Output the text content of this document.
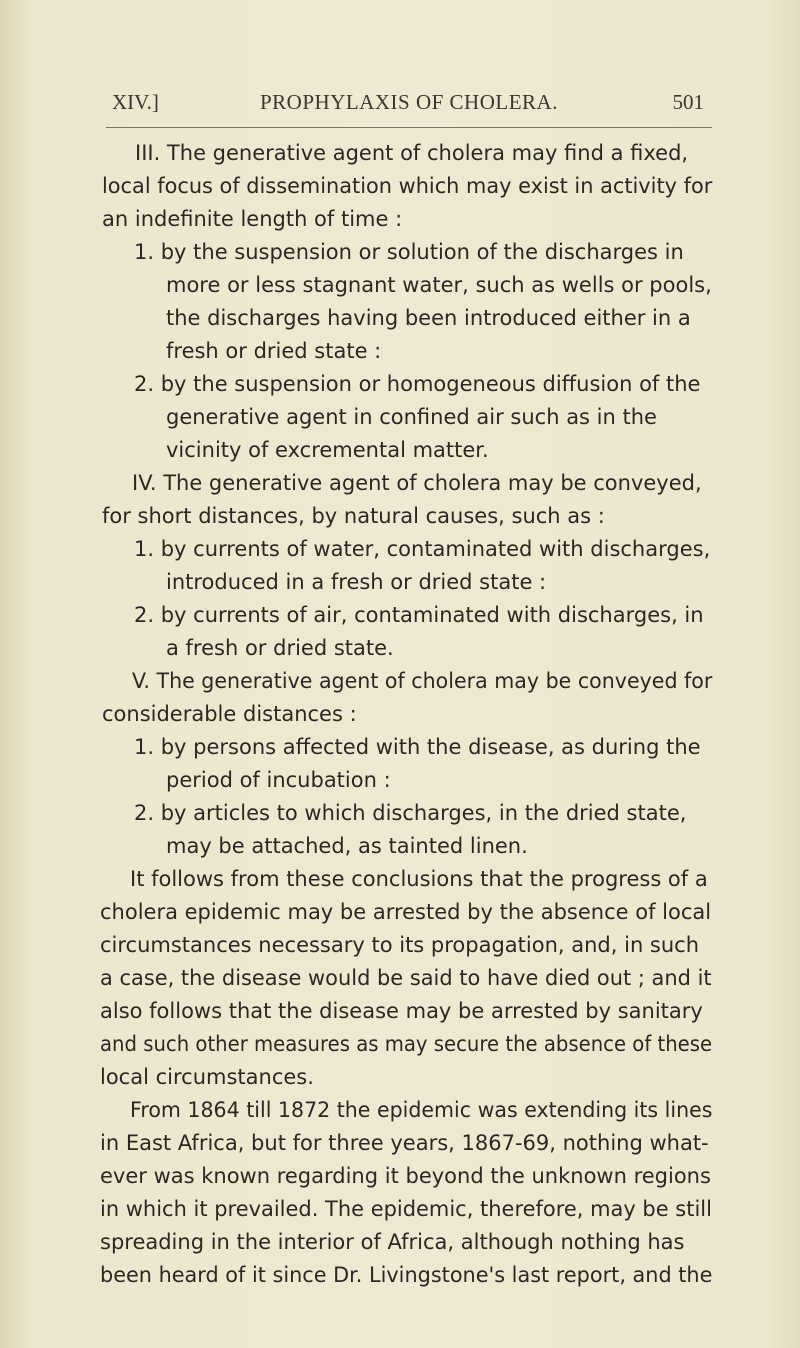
XIV.]	PROPHYLAXIS OF CHOLERA.	501
III. The generative agent of cholera may find a fixed,
local focus of dissemination which may exist in activity for
an indefinite length of time :
1. by the suspension or solution of the discharges in
more or less stagnant water, such as wells or pools,
the discharges having been introduced either in a
fresh or dried state :
2. by the suspension or homogeneous diffusion of the
generative agent in confined air such as in the
vicinity of excremental matter.
IV. The generative agent of cholera may be conveyed,
for short distances, by natural causes, such as :
1. by currents of water, contaminated with discharges,
introduced in a fresh or dried state :
2. by currents of air, contaminated with discharges, in
a fresh or dried state.
V. The generative agent of cholera may be conveyed for
considerable distances :
1. by persons affected with the disease, as during the
period of incubation :
2. by articles to which discharges, in the dried state,
may be attached, as tainted linen.
It follows from these conclusions that the progress of a
cholera epidemic may be arrested by the absence of local
circumstances necessary to its propagation, and, in such
a case, the disease would be said to have died out ; and it
also follows that the disease may be arrested by sanitary
and such other measures as may secure the absence of these
local circumstances.
From 1864 till 1872 the epidemic was extending its lines
in East Africa, but for three years, 1867-69, nothing what-
ever was known regarding it beyond the unknown regions
in which it prevailed. The epidemic, therefore, may be still
spreading in the interior of Africa, although nothing has
been heard of it since Dr. Livingstone's last report, and the
